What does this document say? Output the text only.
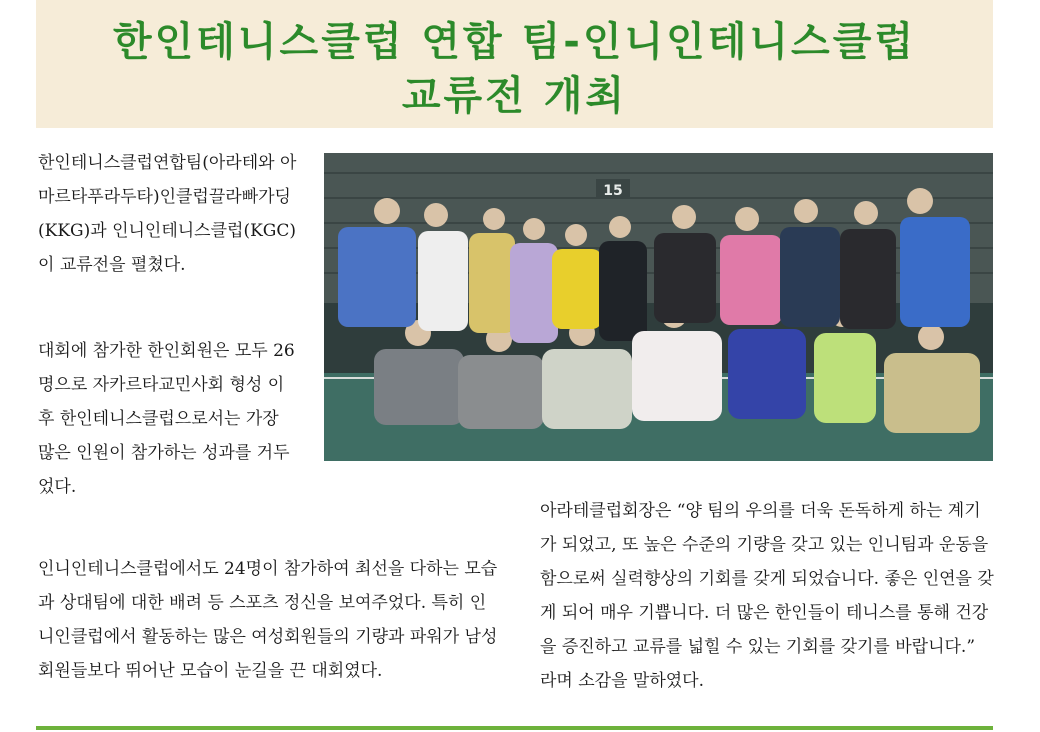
한인테니스클럽 연합 팀-인니인테니스클럽
교류전 개최

한인테니스클럽연합팀(아라테와 아마르타푸라두타)인클럽끌라빠가딩(KKG)과 인니인테니스클럽(KGC)이 교류전을 펼쳤다.

대회에 참가한 한인회원은 모두 26명으로 자카르타교민사회 형성 이후 한인테니스클럽으로서는 가장 많은 인원이 참가하는 성과를 거두었다.

인니인테니스클럽에서도 24명이 참가하여 최선을 다하는 모습과 상대팀에 대한 배려 등 스포츠 정신을 보여주었다. 특히 인니인클럽에서 활동하는 많은 여성회원들의 기량과 파워가 남성회원들보다 뛰어난 모습이 눈길을 끈 대회였다.

아라테클럽회장은 “양 팀의 우의를 더욱 돈독하게 하는 계기가 되었고, 또 높은 수준의 기량을 갖고 있는 인니팀과 운동을 함으로써 실력향상의 기회를 갖게 되었습니다. 좋은 인연을 갖게 되어 매우 기쁩니다. 더 많은 한인들이 테니스를 통해 건강을 증진하고 교류를 넓힐 수 있는 기회를 갖기를 바랍니다.” 라며 소감을 말하였다.

15
